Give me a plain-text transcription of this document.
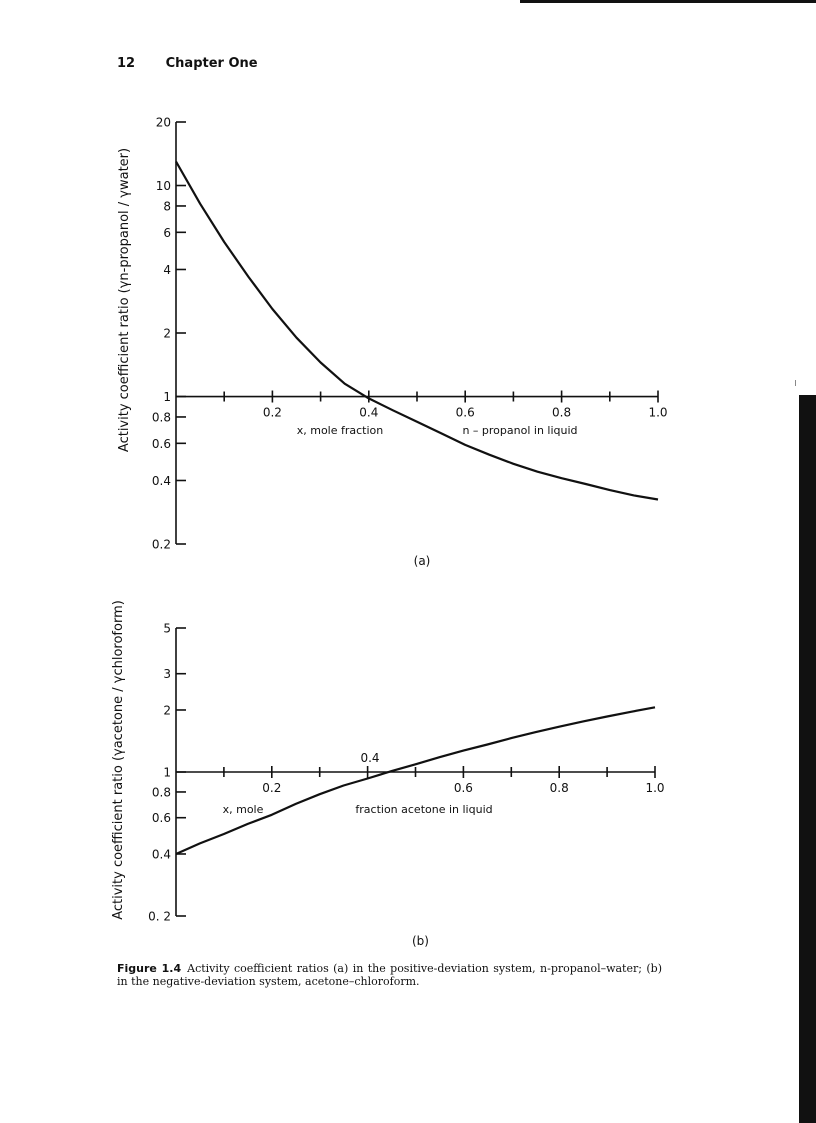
12 Chapter One
0.2
0.4
0.6
0.8
1
2
4
6
8
10
20
0.2	0.4	0.6	0.8	1.0
x, mole fraction	n – propanol in liquid
Activity coefficient ratio (γn-propanol / γwater)
(a)
0. 2
0.4
0.6
0.8
1
2
3
5
0.2	0.6	0.8	1.0
x, mole	fraction acetone in liquid
0.4
Activity coefficient ratio (γacetone / γchloroform)
(b)
Figure 1.4 Activity coefficient ratios (a) in the positive-deviation system, n-propanol–water; (b) in the negative-deviation system, acetone–chloroform.
